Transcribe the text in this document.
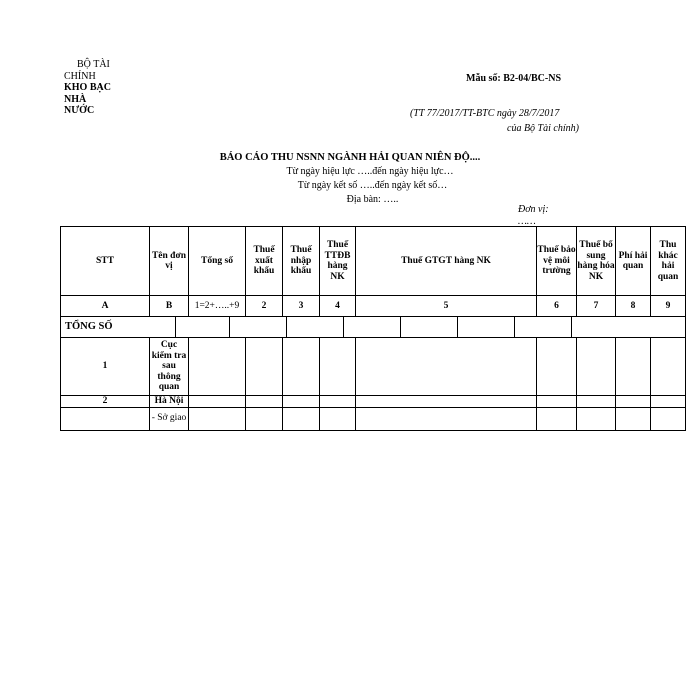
BỘ TÀI
CHÍNH
KHO BẠC
NHÀ
NƯỚC
Mẫu số: B2-04/BC-NS
(TT 77/2017/TT-BTC ngày 28/7/2017
của Bộ Tài chính)
BÁO CÁO THU NSNN NGÀNH HẢI QUAN NIÊN ĐỘ....
Từ ngày hiệu lực …..đến ngày hiệu lực…
Từ ngày kết số …..đến ngày kết số…
Địa bàn: …..
Đơn vị:
……
STT	Tên đơn vị	Tổng số	Thuế xuất khẩu	Thuế nhập khẩu	Thuế TTĐB hàng NK	Thuế GTGT hàng NK	Thuế bảo vệ môi trường	Thuế bổ sung hàng hóa NK	Phí hải quan	Thu khác hải quan
A	B	1=2+…..+9	2	3	4	5	6	7	8	9

TỔNG SỐ										

1	Cục kiểm tra sau thông quan									
2	Hà Nội									
	- Sở giao									
